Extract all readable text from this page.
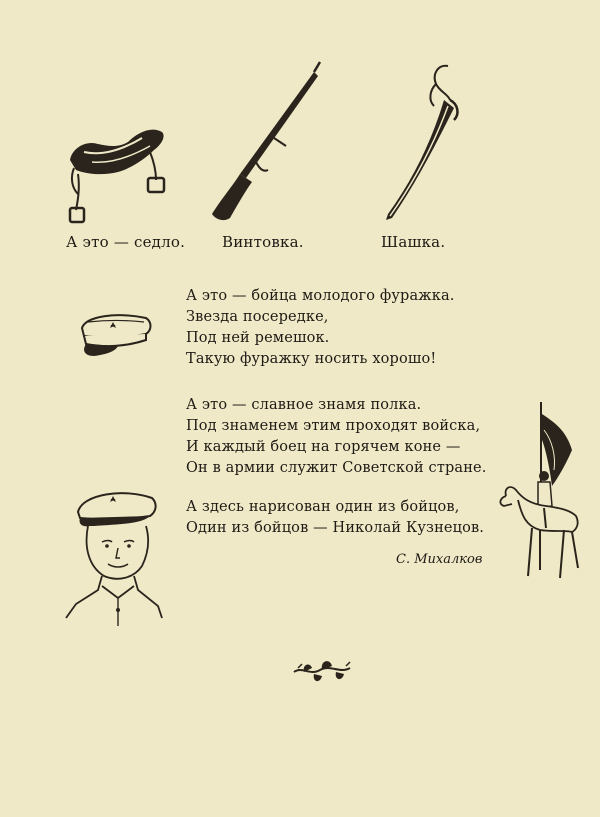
А это — седло. Винтовка.	Шашка.
А это — бойца молодого фуражка.
Звезда посередке,
Под ней ремешок.
Такую фуражку носить хорошо!
А это — славное знамя полка.
Под знаменем этим проходят войска,
И каждый боец на горячем коне —
Он в армии служит Советской стране.
А здесь нарисован один из бойцов,
Один из бойцов — Николай Кузнецов.
С. Михалков
